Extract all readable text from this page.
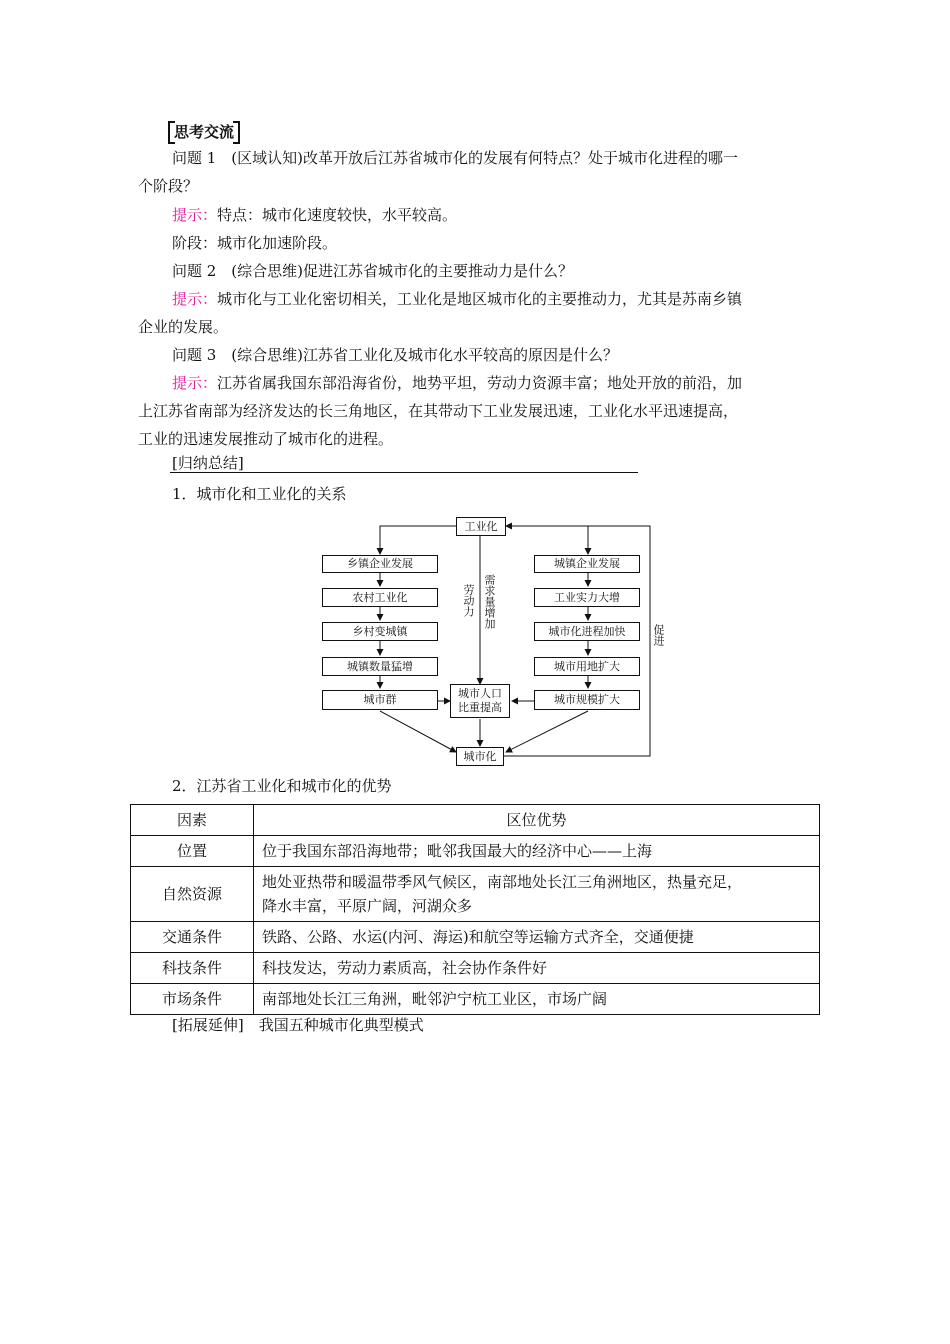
思考交流
问题 1　(区域认知)改革开放后江苏省城市化的发展有何特点？处于城市化进程的哪一
个阶段？
提示：特点：城市化速度较快，水平较高。
阶段：城市化加速阶段。
问题 2　(综合思维)促进江苏省城市化的主要推动力是什么？
提示：城市化与工业化密切相关，工业化是地区城市化的主要推动力，尤其是苏南乡镇
企业的发展。
问题 3　(综合思维)江苏省工业化及城市化水平较高的原因是什么？
提示：江苏省属我国东部沿海省份，地势平坦，劳动力资源丰富；地处开放的前沿，加
上江苏省南部为经济发达的长三角地区，在其带动下工业发展迅速，工业化水平迅速提高，
工业的迅速发展推动了城市化的进程。
[归纳总结]
1．城市化和工业化的关系
工业化
乡镇企业发展
农村工业化
乡村变城镇
城镇数量猛增
城市群
城镇企业发展
工业实力大增
城市化进程加快
城市用地扩大
城市规模扩大
城市人口
比重提高
城市化
劳动力 需求量增加
促进
2．江苏省工业化和城市化的优势
因素	区位优势
位置	位于我国东部沿海地带；毗邻我国最大的经济中心——上海
自然资源	地处亚热带和暖温带季风气候区，南部地处长江三角洲地区，热量充足，
降水丰富，平原广阔，河湖众多

交通条件	铁路、公路、水运(内河、海运)和航空等运输方式齐全，交通便捷
科技条件	科技发达，劳动力素质高，社会协作条件好
市场条件	南部地处长江三角洲，毗邻沪宁杭工业区，市场广阔
[拓展延伸]　我国五种城市化典型模式
